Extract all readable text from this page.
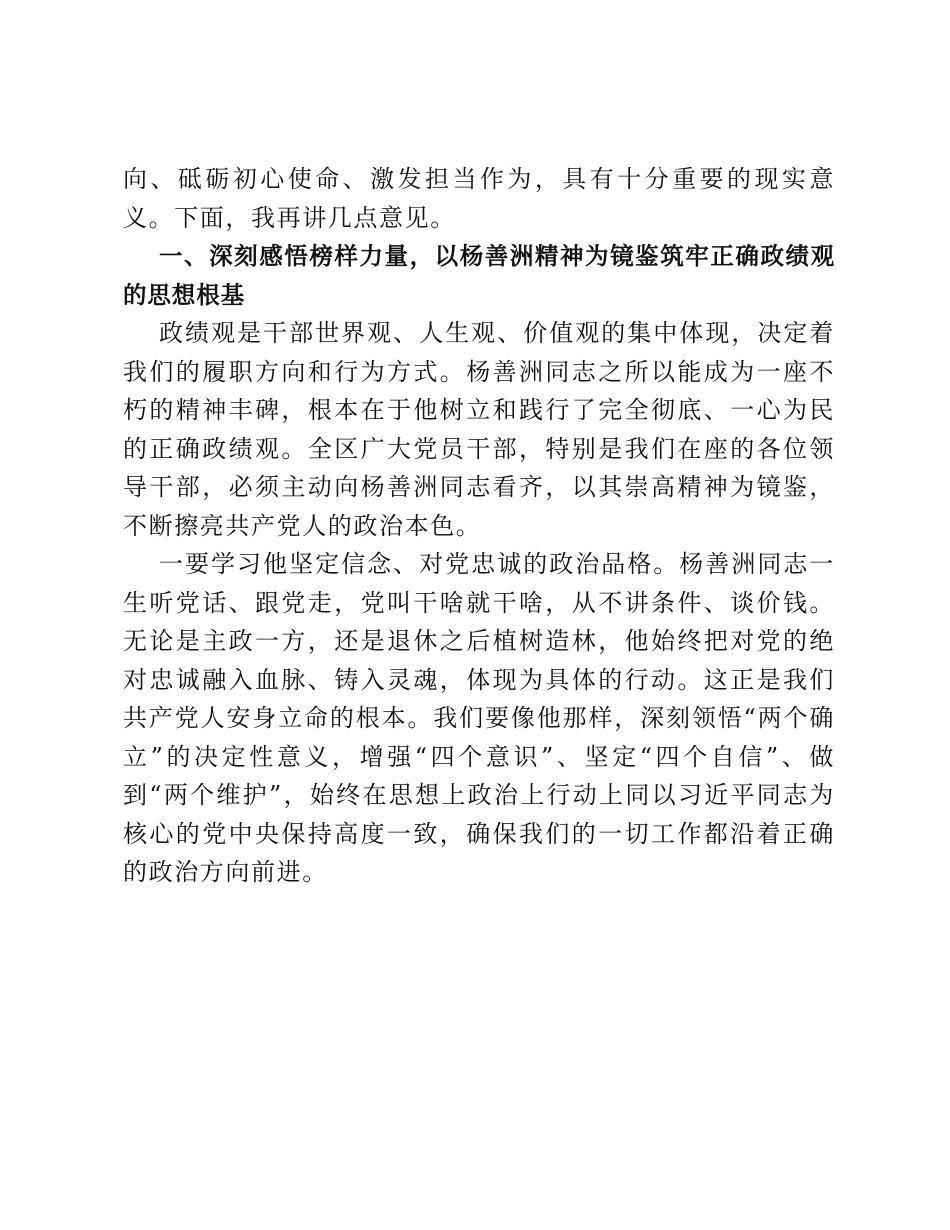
向、砥砺初心使命、激发担当作为，具有十分重要的现实意义。下面，我再讲几点意见。

一、深刻感悟榜样力量，以杨善洲精神为镜鉴筑牢正确政绩观的思想根基

政绩观是干部世界观、人生观、价值观的集中体现，决定着我们的履职方向和行为方式。杨善洲同志之所以能成为一座不朽的精神丰碑，根本在于他树立和践行了完全彻底、一心为民的正确政绩观。全区广大党员干部，特别是我们在座的各位领导干部，必须主动向杨善洲同志看齐，以其崇高精神为镜鉴，不断擦亮共产党人的政治本色。

一要学习他坚定信念、对党忠诚的政治品格。杨善洲同志一生听党话、跟党走，党叫干啥就干啥，从不讲条件、谈价钱。无论是主政一方，还是退休之后植树造林，他始终把对党的绝对忠诚融入血脉、铸入灵魂，体现为具体的行动。这正是我们共产党人安身立命的根本。我们要像他那样，深刻领悟“两个确立”的决定性意义，增强“四个意识”、坚定“四个自信”、做到“两个维护”，始终在思想上政治上行动上同以习近平同志为核心的党中央保持高度一致，确保我们的一切工作都沿着正确的政治方向前进。
